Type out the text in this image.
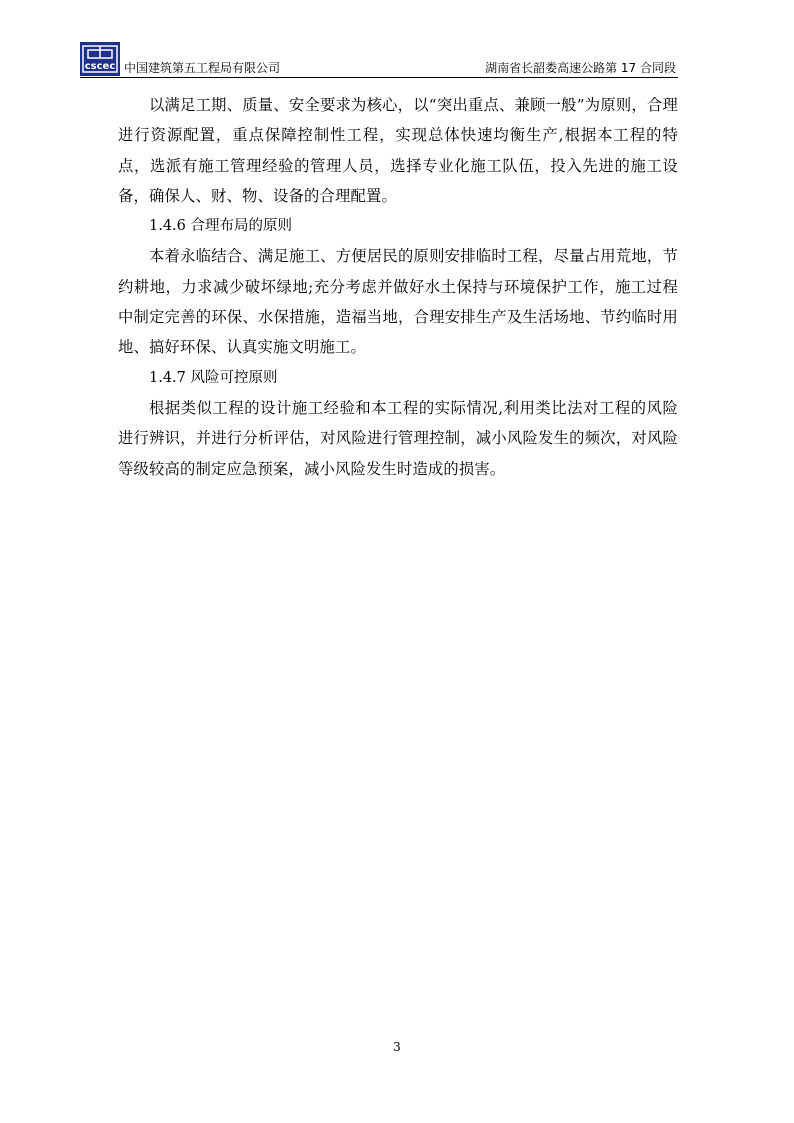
cscec 中国建筑第五工程局有限公司	湖南省长韶娄高速公路第 17 合同段

以满足工期、质量、安全要求为核心，以“突出重点、兼顾一般”为原则，合理进行资源配置，重点保障控制性工程，实现总体快速均衡生产,根据本工程的特点，选派有施工管理经验的管理人员，选择专业化施工队伍，投入先进的施工设备，确保人、财、物、设备的合理配置。

1.4.6 合理布局的原则

本着永临结合、满足施工、方便居民的原则安排临时工程，尽量占用荒地，节约耕地，力求减少破坏绿地;充分考虑并做好水土保持与环境保护工作，施工过程中制定完善的环保、水保措施，造福当地，合理安排生产及生活场地、节约临时用地、搞好环保、认真实施文明施工。

1.4.7 风险可控原则

根据类似工程的设计施工经验和本工程的实际情况,利用类比法对工程的风险进行辨识，并进行分析评估，对风险进行管理控制，减小风险发生的频次，对风险等级较高的制定应急预案，减小风险发生时造成的损害。

3
